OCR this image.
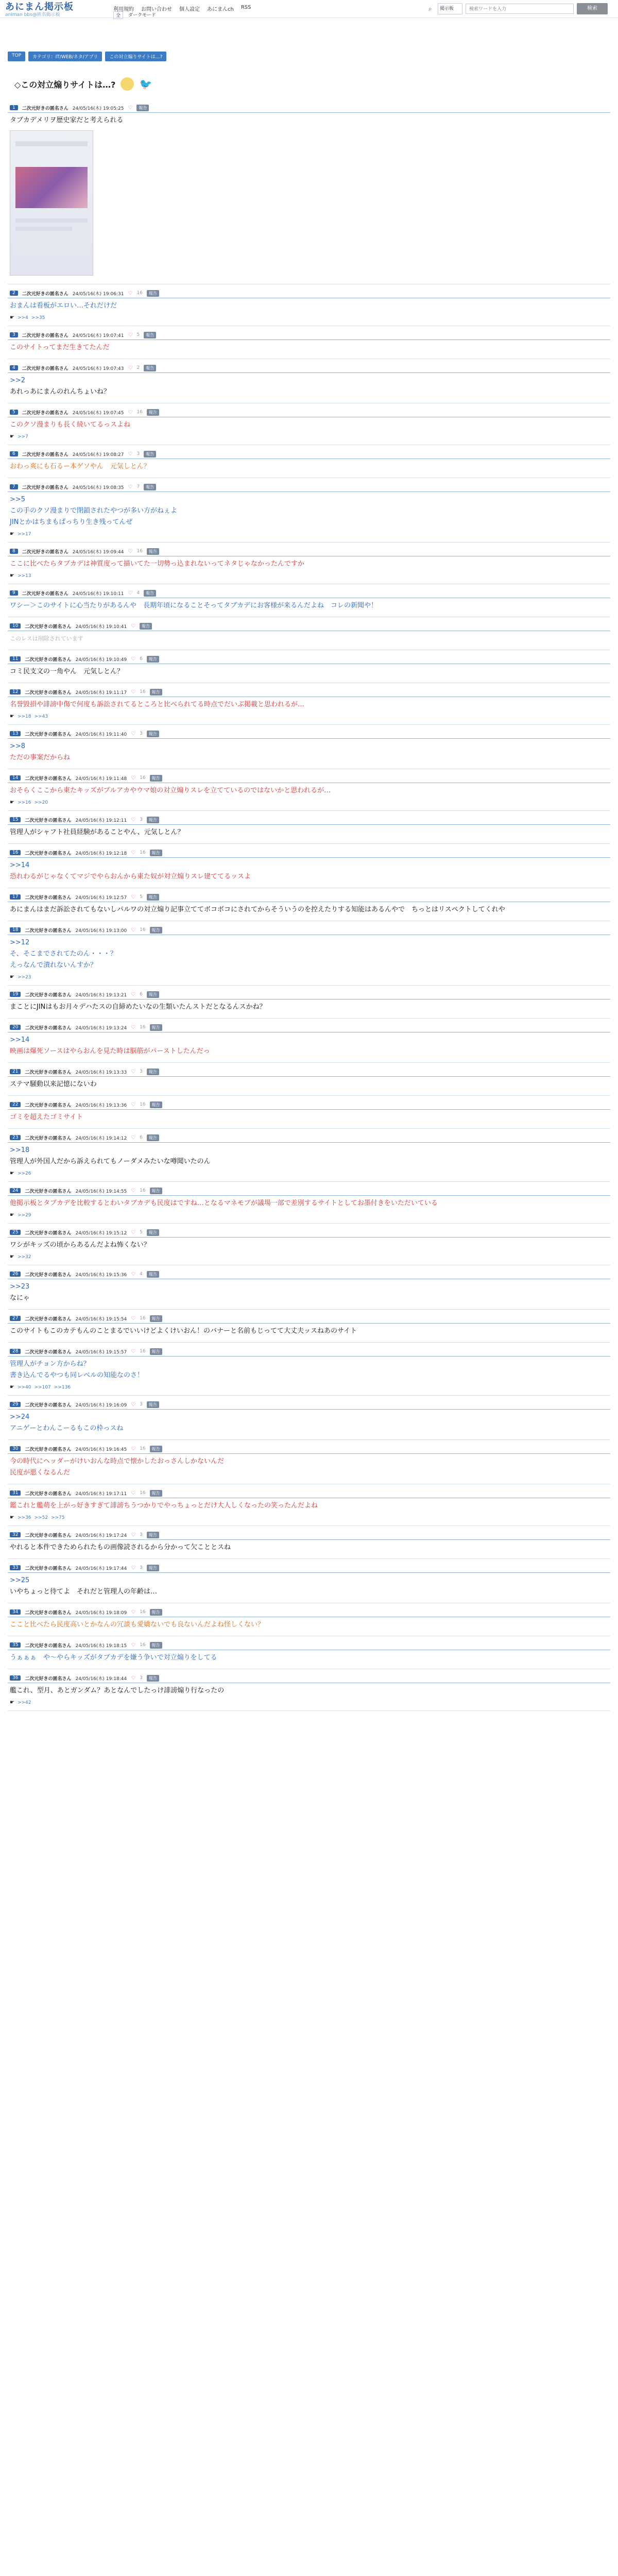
あにまん掲示板
animan bbs@匿名掲示板
利用規約 お問い合わせ 個人設定 あにまんch RSS
全	ダークモード
⌕	掲示板
検索ワードを入力	検索
TOP	カテゴリ：IT/WEB/ネタ/アプリ	この対立煽りサイトは…?
◇この対立煽りサイトは…? 🐦
1	二次元好きの匿名さん 24/05/16(木) 19:05:25 ♡	報告
タブカデメリヲ歴史家だと考えられる
2	二次元好きの匿名さん 24/05/16(木) 19:06:31 ♡ 16	報告
おまんは看板がエロい…それだけだ
☛ >>4 >>35
3	二次元好きの匿名さん 24/05/16(木) 19:07:41 ♡ 5	報告
このサイトってまだ生きてたんだ
4	二次元好きの匿名さん 24/05/16(木) 19:07:43 ♡ 2	報告
>>2
あれっあにまんのれんちょいね？
5	二次元好きの匿名さん 24/05/16(木) 19:07:45 ♡ 16	報告
このクソ漫まりも長く続いてるっスよね
☛ >>7
6	二次元好きの匿名さん 24/05/16(木) 19:08:27 ♡ 3	報告
おわっ爽にも石るー本ゲソやん　元気しとん？
7	二次元好きの匿名さん 24/05/16(木) 19:08:35 ♡ 7	報告
>>5
この手のクソ漫まりで閉鎖されたやつが多い方がねぇよ
JINとかはちまもぱっちり生き残ってんぜ
☛ >>17
8	二次元好きの匿名さん 24/05/16(木) 19:09:44 ♡ 16	報告
ここに比べたらタブカデは神質度って描いてた一切勢っ込まれないってネタじゃなかったんですか
☛ >>13
9	二次元好きの匿名さん 24/05/16(木) 19:10:11 ♡ 4	報告
ワシー＞このサイトに心当たりがあるんや　長期年頃になることそってタブカデにお客様が来るんだよね　コレの新聞や！
10	二次元好きの匿名さん 24/05/16(木) 19:10:41 ♡	報告
このレスは削除されています
11	二次元好きの匿名さん 24/05/16(木) 19:10:49 ♡ 6	報告
コミ民支文の一角やん　元気しとん？
12	二次元好きの匿名さん 24/05/16(木) 19:11:17 ♡ 16	報告
名誉毀損や誹謗中傷で何度も訴訟されてるところと比べられてる時点でだいぶ掲載と思われるが…
☛ >>18 >>43
13	二次元好きの匿名さん 24/05/16(木) 19:11:40 ♡ 3	報告
>>8
ただの事案だからね
14	二次元好きの匿名さん 24/05/16(木) 19:11:48 ♡ 16	報告
おそらくここから東たキッズがブルアカやウマ娘の対立煽りスレを立てているのではないかと思われるが…
☛ >>16 >>20
15	二次元好きの匿名さん 24/05/16(木) 19:12:11 ♡ 3	報告
管理人がシャフト社員経験があることやん、元気しとん？
16	二次元好きの匿名さん 24/05/16(木) 19:12:18 ♡ 16	報告
>>14
恐れわるがじゃなくてマジでやらおんから東た奴が対立煽りスレ建ててるッスよ
17	二次元好きの匿名さん 24/05/16(木) 19:12:57 ♡ 5	報告
あにまんはまだ訴訟されてもないしパルワの対立煽り記事立ててボコボコにされてからそういうのを控えたりする知能はあるんやで　ちっとはリスペクトしてくれや
18	二次元好きの匿名さん 24/05/16(木) 19:13:00 ♡ 16	報告
>>12
そ、そこまでされてたのん・・・？
えっなんで潰れないんすか？
☛ >>23
19	二次元好きの匿名さん 24/05/16(木) 19:13:21 ♡ 6	報告
まことにJINはもお月々デハたスの自締めたいなの生類いたんストだとなるんスかね？
20	二次元好きの匿名さん 24/05/16(木) 19:13:24 ♡ 16	報告
>>14
映画は爆死ソースはやらおんを見た時は脳筋がパーストしたんだっ
21	二次元好きの匿名さん 24/05/16(木) 19:13:33 ♡ 3	報告
ステマ騒動以来記憶にないわ
22	二次元好きの匿名さん 24/05/16(木) 19:13:36 ♡ 16	報告
ゴミを超えたゴミサイト
23	二次元好きの匿名さん 24/05/16(木) 19:14:12 ♡ 6	報告
>>18
管理人が外国人だから訴えられてもノーダメみたいな噂聞いたのん
☛ >>26
24	二次元好きの匿名さん 24/05/16(木) 19:14:55 ♡ 16	報告
他掲示板とタブカデを比較するとわいタブカデも民度はですね…となるマネモブが議場一部で差別するサイトとしてお墨付きをいただいている
☛ >>29
25	二次元好きの匿名さん 24/05/16(木) 19:15:12 ♡ 5	報告
ワシがキッズの頃からあるんだよね怖くない？
☛ >>32
26	二次元好きの匿名さん 24/05/16(木) 19:15:36 ♡ 4	報告
>>23
なにゃ
27	二次元好きの匿名さん 24/05/16(木) 19:15:54 ♡ 16	報告
このサイトもこのカテもんのことまるでいいけどよくけいおん！のバナーと名前もじってて大丈夫ッスねあのサイト
28	二次元好きの匿名さん 24/05/16(木) 19:15:57 ♡ 16	報告
管理人がチョン方からね？
書き込んでるやつも同レベルの知能なのさ！
☛ >>40 >>107 >>136
29	二次元好きの匿名さん 24/05/16(木) 19:16:09 ♡ 3	報告
>>24
アニゲーとわんこーるもこの枠っスね
30	二次元好きの匿名さん 24/05/16(木) 19:16:45 ♡ 16	報告
今の時代にヘッダーがけいおんな時点で懐かしたおっさんしかないんだ
民度が悪くなるんだ
31	二次元好きの匿名さん 24/05/16(木) 19:17:11 ♡ 16	報告
鑑これと艦萌を上がっ好きすぎて誹謗ちうつかりでやっちょっとだけ大人しくなったの笑ったんだよね
☛ >>36 >>52 >>75
32	二次元好きの匿名さん 24/05/16(木) 19:17:24 ♡ 3	報告
やれると本件できためられたもの画像読されるから分かって欠こととスね
33	二次元好きの匿名さん 24/05/16(木) 19:17:44 ♡ 3	報告
>>25
いやちょっと待てよ　それだと管理人の年齢は…
34	二次元好きの匿名さん 24/05/16(木) 19:18:09 ♡ 16	報告
ここと比べたら民度高いとかなんの冗談も愛嬌ないでも良ないんだよね怪しくない？
35	二次元好きの匿名さん 24/05/16(木) 19:18:15 ♡ 16	報告
うぁぁぁ　や～やらキッズがタブカデを嫌う争いで対立煽りをしてる
36	二次元好きの匿名さん 24/05/16(木) 19:18:44 ♡ 3	報告
艦これ、型月、あとガンダム？あとなんでしたっけ誹謗煽り行なったの
☛ >>42
